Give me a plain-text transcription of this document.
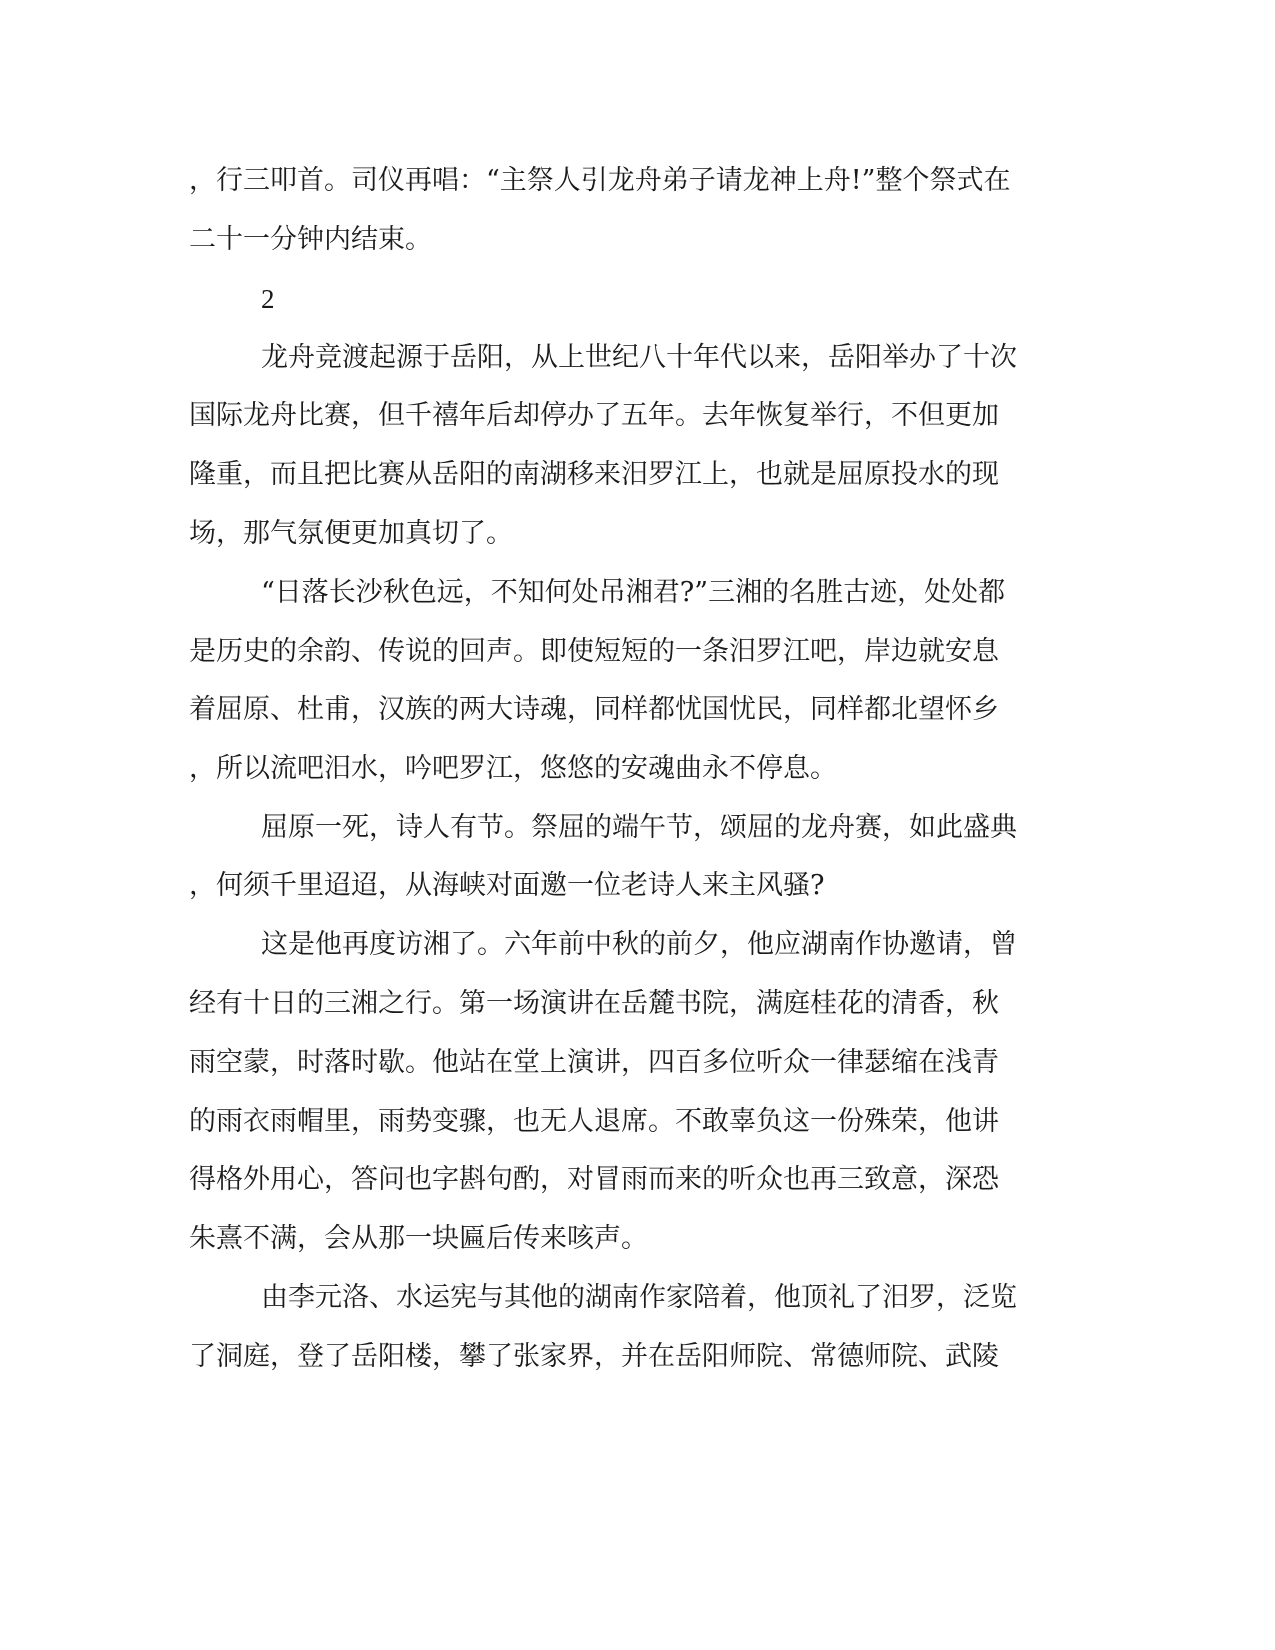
，行三叩首。司仪再唱：“主祭人引龙舟弟子请龙神上舟!”整个祭式在
二十一分钟内结束。
2
龙舟竞渡起源于岳阳，从上世纪八十年代以来，岳阳举办了十次
国际龙舟比赛，但千禧年后却停办了五年。去年恢复举行，不但更加
隆重，而且把比赛从岳阳的南湖移来汨罗江上，也就是屈原投水的现
场，那气氛便更加真切了。
“日落长沙秋色远，不知何处吊湘君?”三湘的名胜古迹，处处都
是历史的余韵、传说的回声。即使短短的一条汨罗江吧，岸边就安息
着屈原、杜甫，汉族的两大诗魂，同样都忧国忧民，同样都北望怀乡
，所以流吧汨水，吟吧罗江，悠悠的安魂曲永不停息。
屈原一死，诗人有节。祭屈的端午节，颂屈的龙舟赛，如此盛典
，何须千里迢迢，从海峡对面邀一位老诗人来主风骚?
这是他再度访湘了。六年前中秋的前夕，他应湖南作协邀请，曾
经有十日的三湘之行。第一场演讲在岳麓书院，满庭桂花的清香，秋
雨空蒙，时落时歇。他站在堂上演讲，四百多位听众一律瑟缩在浅青
的雨衣雨帽里，雨势变骤，也无人退席。不敢辜负这一份殊荣，他讲
得格外用心，答问也字斟句酌，对冒雨而来的听众也再三致意，深恐
朱熹不满，会从那一块匾后传来咳声。
由李元洛、水运宪与其他的湖南作家陪着，他顶礼了汨罗，泛览
了洞庭，登了岳阳楼，攀了张家界，并在岳阳师院、常德师院、武陵
